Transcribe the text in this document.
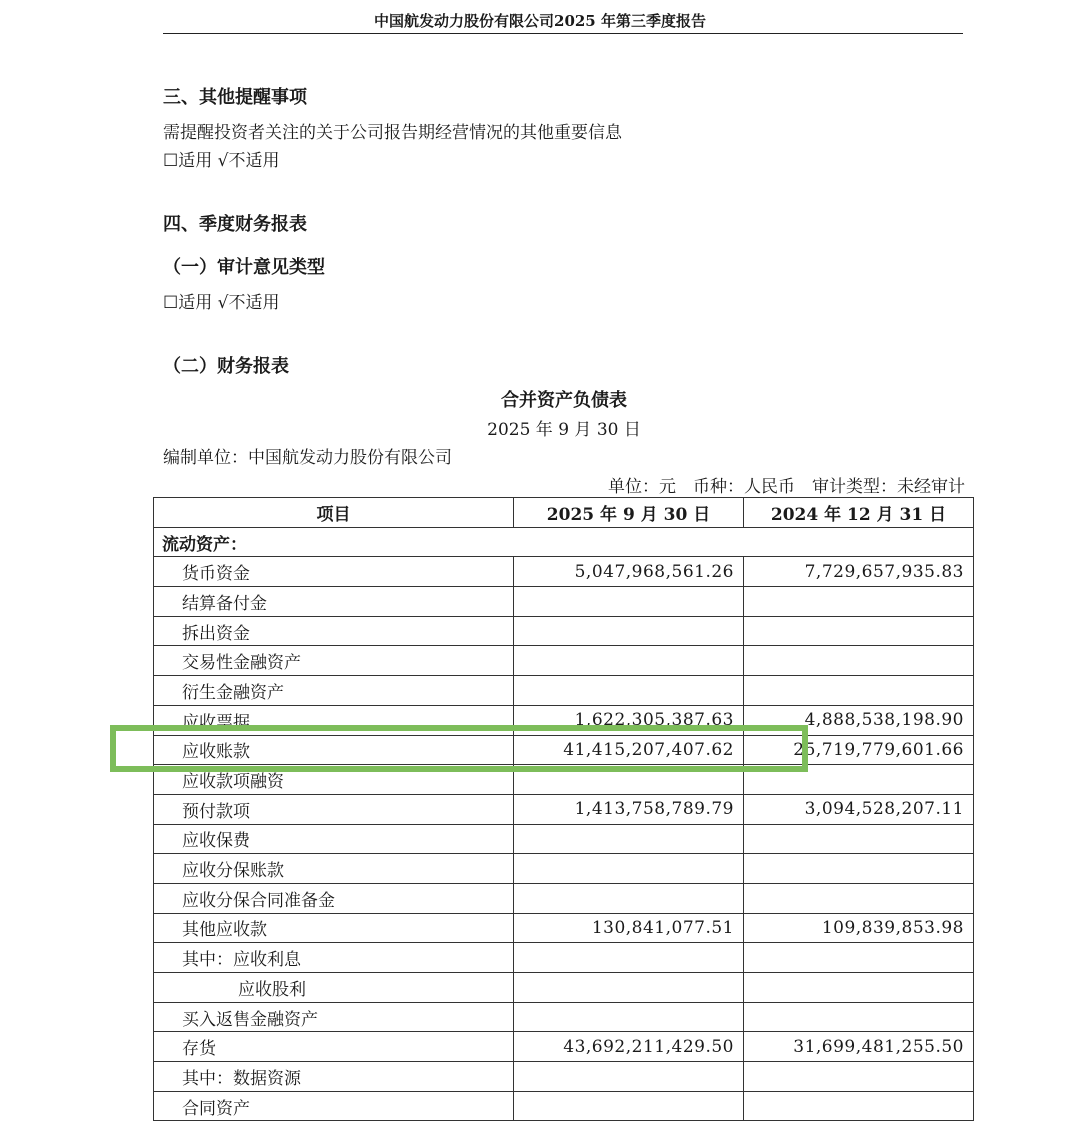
中国航发动力股份有限公司2025 年第三季度报告
三、其他提醒事项
需提醒投资者关注的关于公司报告期经营情况的其他重要信息
☐适用 √不适用
四、季度财务报表
（一）审计意见类型
☐适用 √不适用
（二）财务报表
合并资产负债表
2025 年 9 月 30 日
编制单位：中国航发动力股份有限公司
单位：元　币种：人民币　审计类型：未经审计
项目	2025 年 9 月 30 日	2024 年 12 月 31 日
流动资产：		
货币资金	5,047,968,561.26	7,729,657,935.83
结算备付金		
拆出资金		
交易性金融资产		
衍生金融资产		
应收票据	1,622,305,387.63	4,888,538,198.90
应收账款	41,415,207,407.62	25,719,779,601.66
应收款项融资		
预付款项	1,413,758,789.79	3,094,528,207.11
应收保费		
应收分保账款		
应收分保合同准备金		
其他应收款	130,841,077.51	109,839,853.98
其中：应收利息		
应收股利		
买入返售金融资产		
存货	43,692,211,429.50	31,699,481,255.50
其中：数据资源		
合同资产		
